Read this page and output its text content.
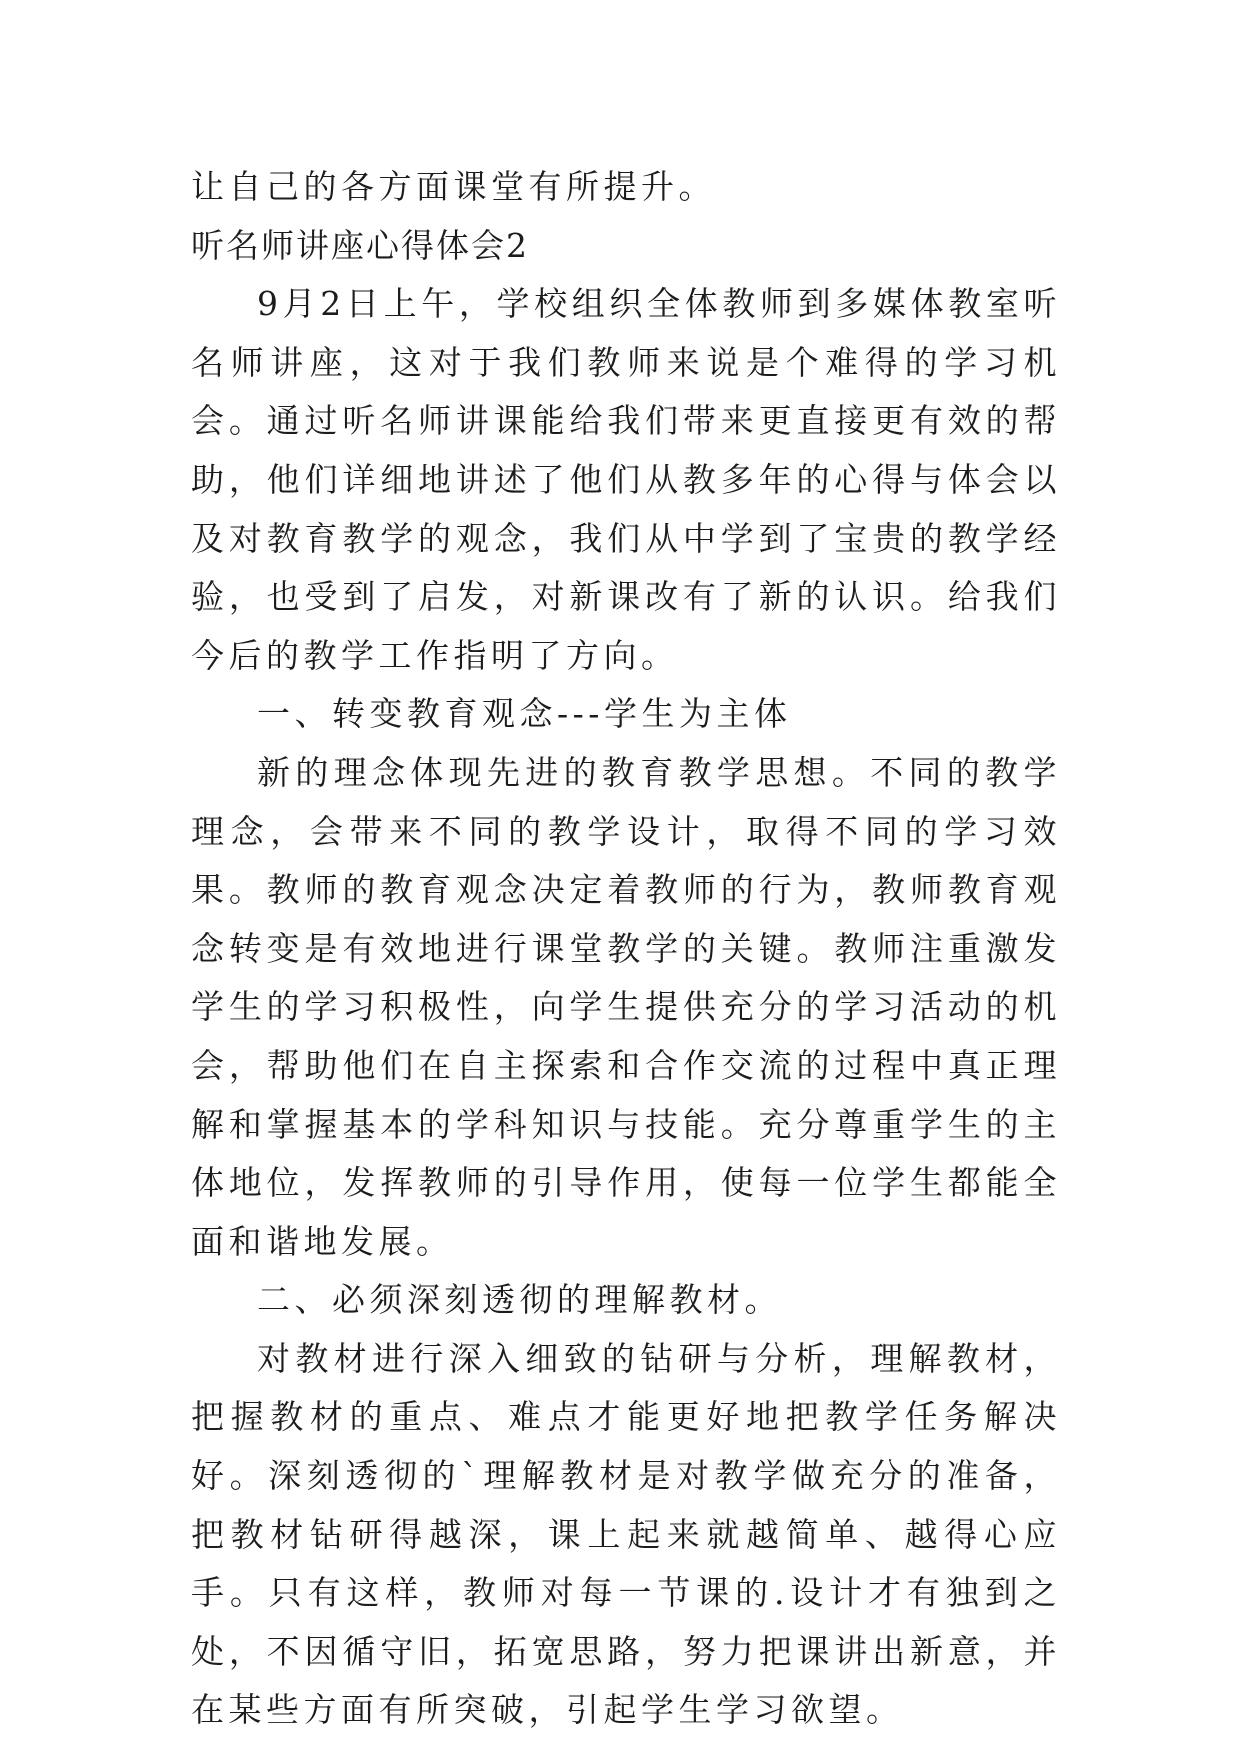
让自己的各方面课堂有所提升。

听名师讲座心得体会2

9月2日上午，学校组织全体教师到多媒体教室听名师讲座，这对于我们教师来说是个难得的学习机会。通过听名师讲课能给我们带来更直接更有效的帮助，他们详细地讲述了他们从教多年的心得与体会以及对教育教学的观念，我们从中学到了宝贵的教学经验，也受到了启发，对新课改有了新的认识。给我们今后的教学工作指明了方向。

一、转变教育观念---学生为主体

新的理念体现先进的教育教学思想。不同的教学理念，会带来不同的教学设计，取得不同的学习效果。教师的教育观念决定着教师的行为，教师教育观念转变是有效地进行课堂教学的关键。教师注重激发学生的学习积极性，向学生提供充分的学习活动的机会，帮助他们在自主探索和合作交流的过程中真正理解和掌握基本的学科知识与技能。充分尊重学生的主体地位，发挥教师的引导作用，使每一位学生都能全面和谐地发展。

二、必须深刻透彻的理解教材。

对教材进行深入细致的钻研与分析，理解教材，把握教材的重点、难点才能更好地把教学任务解决好。深刻透彻的`理解教材是对教学做充分的准备，把教材钻研得越深，课上起来就越简单、越得心应手。只有这样，教师对每一节课的.设计才有独到之处，不因循守旧，拓宽思路，努力把课讲出新意，并在某些方面有所突破，引起学生学习欲望。
